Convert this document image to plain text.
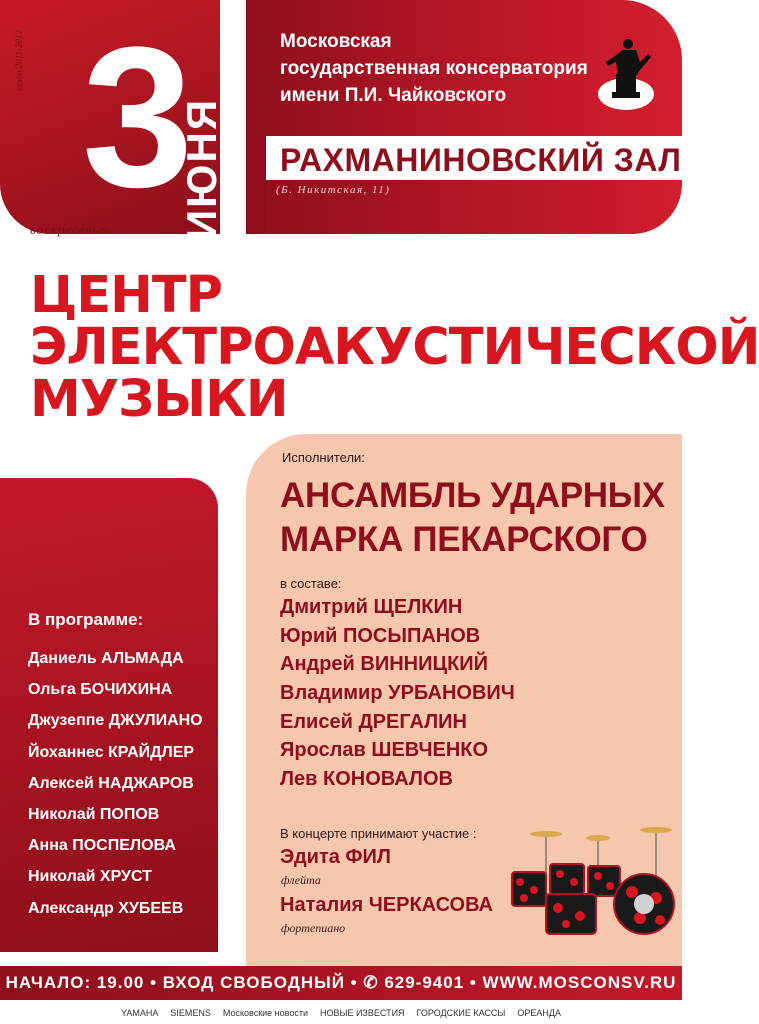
3
ИЮНЯ
сезон 2011-2012
воскресенье
Московская
государственная консерватория
имени П.И. Чайковского
РАХМАНИНОВСКИЙ ЗАЛ
(Б. Никитская, 11)
ЦЕНТР
ЭЛЕКТРОАКУСТИЧЕСКОЙ
МУЗЫКИ
В программе:
Даниель АЛЬМАДА
Ольга БОЧИХИНА
Джузеппе ДЖУЛИАНО
Йоханнес КРАЙДЛЕР
Алексей НАДЖАРОВ
Николай ПОПОВ
Анна ПОСПЕЛОВА
Николай ХРУСТ
Александр ХУБЕЕВ
Исполнители:
АНСАМБЛЬ УДАРНЫХ
МАРКА ПЕКАРСКОГО
в составе:
Дмитрий ЩЕЛКИН
Юрий ПОСЫПАНОВ
Андрей ВИННИЦКИЙ
Владимир УРБАНОВИЧ
Елисей ДРЕГАЛИН
Ярослав ШЕВЧЕНКО
Лев КОНОВАЛОВ
В концерте принимают участие :
Эдита ФИЛ
флейта
Наталия ЧЕРКАСОВА
фортепиано
НАЧАЛО: 19.00 • ВХОД СВОБОДНЫЙ • ✆ 629-9401 • WWW.MOSCONSV.RU
YAMAHA SIEMENS Московские новости НОВЫЕ ИЗВЕСТИЯ ГОРОДСКИЕ КАССЫ ОРЕАНДА
